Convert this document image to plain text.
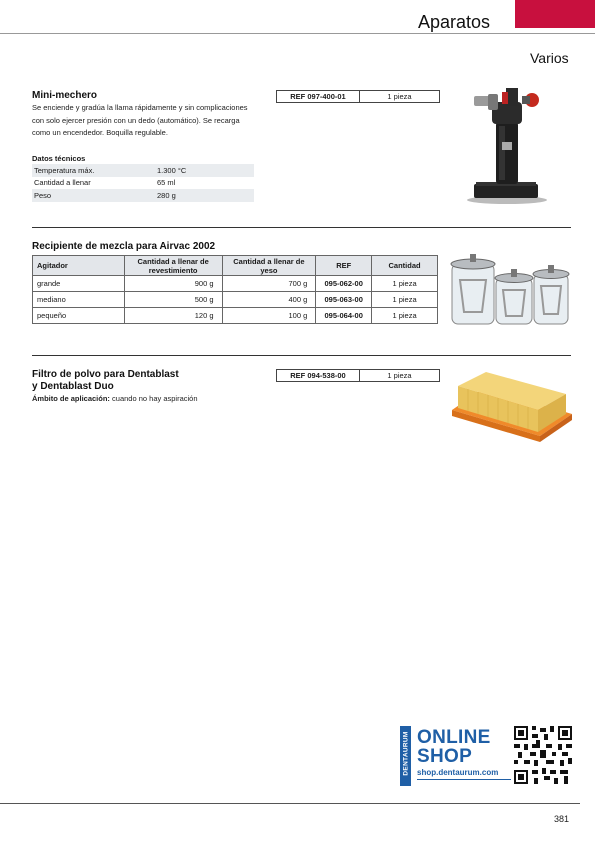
Aparatos
Varios
Mini-mechero
Se enciende y gradúa la llama rápidamente y sin complicaciones con solo ejercer presión con un dedo (automático). Se recarga como un encendedor. Boquilla regulable.
REF 097-400-01	1 pieza
Datos técnicos
Temperatura máx.	1.300 °C
Cantidad a llenar	65 ml
Peso	280 g
Recipiente de mezcla para Airvac 2002
Agitador	Cantidad a llenar de revestimiento	Cantidad a llenar de yeso	REF	Cantidad
grande	900 g	700 g	095-062-00	1 pieza
mediano	500 g	400 g	095-063-00	1 pieza
pequeño	120 g	100 g	095-064-00	1 pieza
Filtro de polvo para Dentablast
y Dentablast Duo
Ámbito de aplicación: cuando no hay aspiración
REF 094-538-00	1 pieza
DENTAURUM ONLINE
SHOP
shop.dentaurum.com
381
